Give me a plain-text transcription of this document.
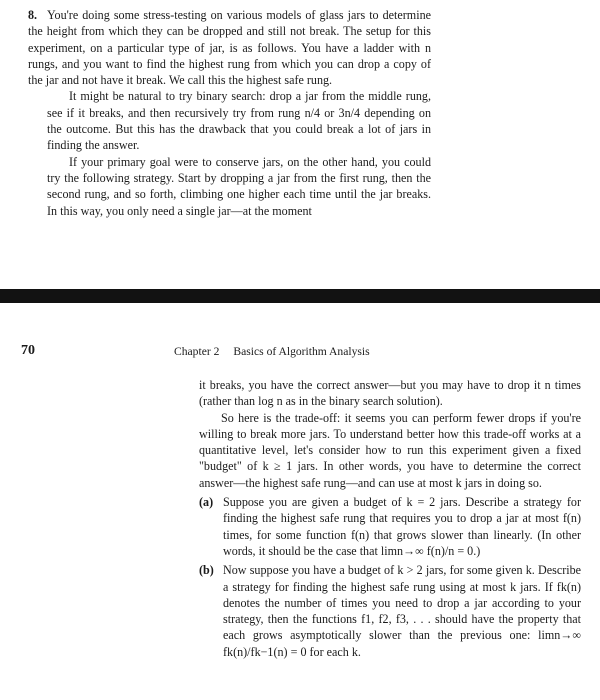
8. You're doing some stress-testing on various models of glass jars to determine the height from which they can be dropped and still not break. The setup for this experiment, on a particular type of jar, is as follows. You have a ladder with n rungs, and you want to find the highest rung from which you can drop a copy of the jar and not have it break. We call this the highest safe rung.

It might be natural to try binary search: drop a jar from the middle rung, see if it breaks, and then recursively try from rung n/4 or 3n/4 depending on the outcome. But this has the drawback that you could break a lot of jars in finding the answer.

If your primary goal were to conserve jars, on the other hand, you could try the following strategy. Start by dropping a jar from the first rung, then the second rung, and so forth, climbing one higher each time until the jar breaks. In this way, you only need a single jar—at the moment

70	Chapter 2 Basics of Algorithm Analysis

it breaks, you have the correct answer—but you may have to drop it n times (rather than log n as in the binary search solution).

So here is the trade-off: it seems you can perform fewer drops if you're willing to break more jars. To understand better how this trade-off works at a quantitative level, let's consider how to run this experiment given a fixed "budget" of k ≥ 1 jars. In other words, you have to determine the correct answer—the highest safe rung—and can use at most k jars in doing so.

(a) Suppose you are given a budget of k = 2 jars. Describe a strategy for finding the highest safe rung that requires you to drop a jar at most f(n) times, for some function f(n) that grows slower than linearly. (In other words, it should be the case that limn→∞ f(n)/n = 0.)

(b) Now suppose you have a budget of k > 2 jars, for some given k. Describe a strategy for finding the highest safe rung using at most k jars. If fk(n) denotes the number of times you need to drop a jar according to your strategy, then the functions f1, f2, f3, . . . should have the property that each grows asymptotically slower than the previous one: limn→∞ fk(n)/fk−1(n) = 0 for each k.
